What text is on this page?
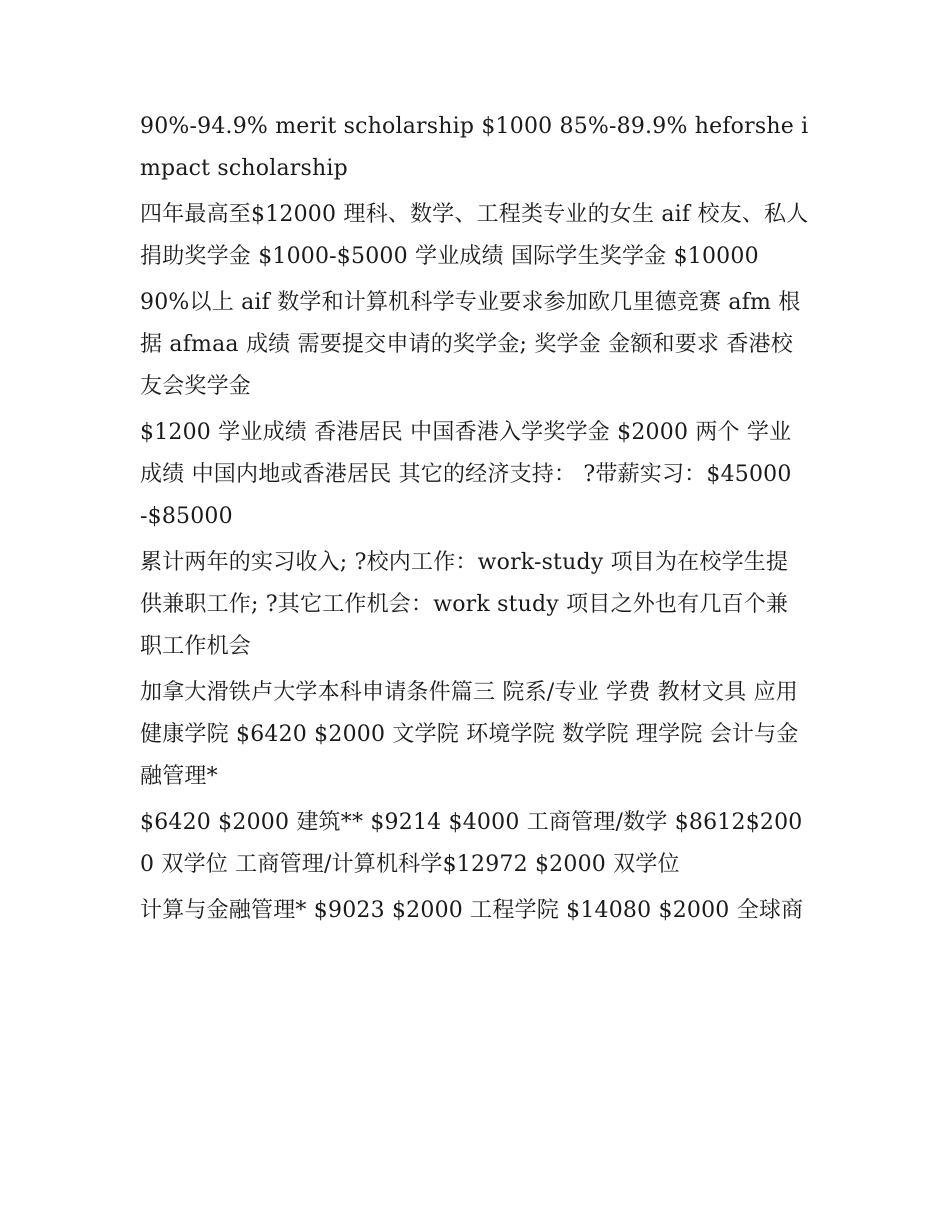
90%-94.9% merit scholarship $1000 85%-89.9% heforshe impact scholarship

四年最高至$12000 理科、数学、工程类专业的女生 aif 校友、私人捐助奖学金 $1000-$5000 学业成绩 国际学生奖学金 $10000

90%以上 aif 数学和计算机科学专业要求参加欧几里德竞赛 afm 根据 afmaa 成绩 需要提交申请的奖学金; 奖学金 金额和要求 香港校友会奖学金

$1200 学业成绩 香港居民 中国香港入学奖学金 $2000 两个 学业成绩 中国内地或香港居民 其它的经济支持： ?带薪实习：$45000-$85000

累计两年的实习收入; ?校内工作：work-study 项目为在校学生提供兼职工作; ?其它工作机会：work study 项目之外也有几百个兼职工作机会

加拿大滑铁卢大学本科申请条件篇三 院系/专业 学费 教材文具 应用健康学院 $6420 $2000 文学院 环境学院 数学院 理学院 会计与金融管理*

$6420 $2000 建筑** $9214 $4000 工商管理/数学 $8612$2000 双学位 工商管理/计算机科学$12972 $2000 双学位

计算与金融管理* $9023 $2000 工程学院 $14080 $2000 全球商
